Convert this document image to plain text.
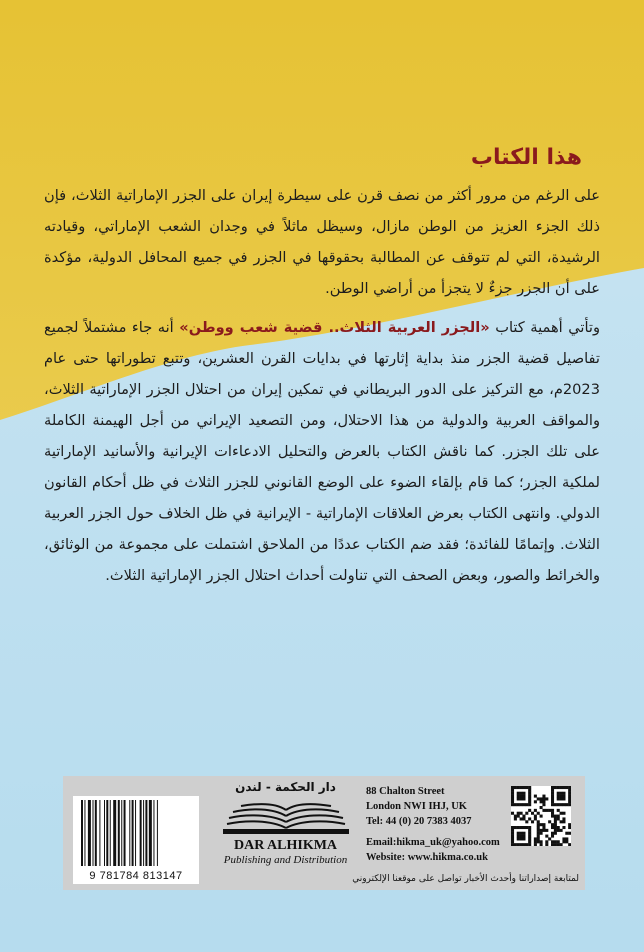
هذا الكتاب

على الرغم من مرور أكثر من نصف قرن على سيطرة إيران على الجزر الإماراتية الثلاث، فإن ذلك الجزء العزيز من الوطن مازال، وسيظل ماثلاً في وجدان الشعب الإماراتي، وقيادته الرشيدة، التي لم تتوقف عن المطالبة بحقوقها في الجزر في جميع المحافل الدولية، مؤكدة على أن الجزر جزءٌ لا يتجزأ من أراضي الوطن.

وتأتي أهمية كتاب «الجزر العربية الثلاث.. قضية شعب ووطن» أنه جاء مشتملاً لجميع تفاصيل قضية الجزر منذ بداية إثارتها في بدايات القرن العشرين، وتتبع تطوراتها حتى عام 2023م، مع التركيز على الدور البريطاني في تمكين إيران من احتلال الجزر الإماراتية الثلاث، والمواقف العربية والدولية من هذا الاحتلال، ومن التصعيد الإيراني من أجل الهيمنة الكاملة على تلك الجزر. كما ناقش الكتاب بالعرض والتحليل الادعاءات الإيرانية والأسانيد الإماراتية لملكية الجزر؛ كما قام بإلقاء الضوء على الوضع القانوني للجزر الثلاث في ظل أحكام القانون الدولي. وانتهى الكتاب بعرض العلاقات الإماراتية - الإيرانية في ظل الخلاف حول الجزر العربية الثلاث. وإتمامًا للفائدة؛ فقد ضم الكتاب عددًا من الملاحق اشتملت على مجموعة من الوثائق، والخرائط والصور، وبعض الصحف التي تناولت أحداث احتلال الجزر الإماراتية الثلاث.

9 781784 813147
دار الحكمة - لندن
DAR ALHIKMA
Publishing and Distribution
88 Chalton Street
London NWI IHJ, UK
Tel: 44 (0) 20 7383 4037
Email:hikma_uk@yahoo.com
Website: www.hikma.co.uk
لمتابعة إصداراتنا وأحدث الأخبار تواصل على موقعنا الإلكتروني
